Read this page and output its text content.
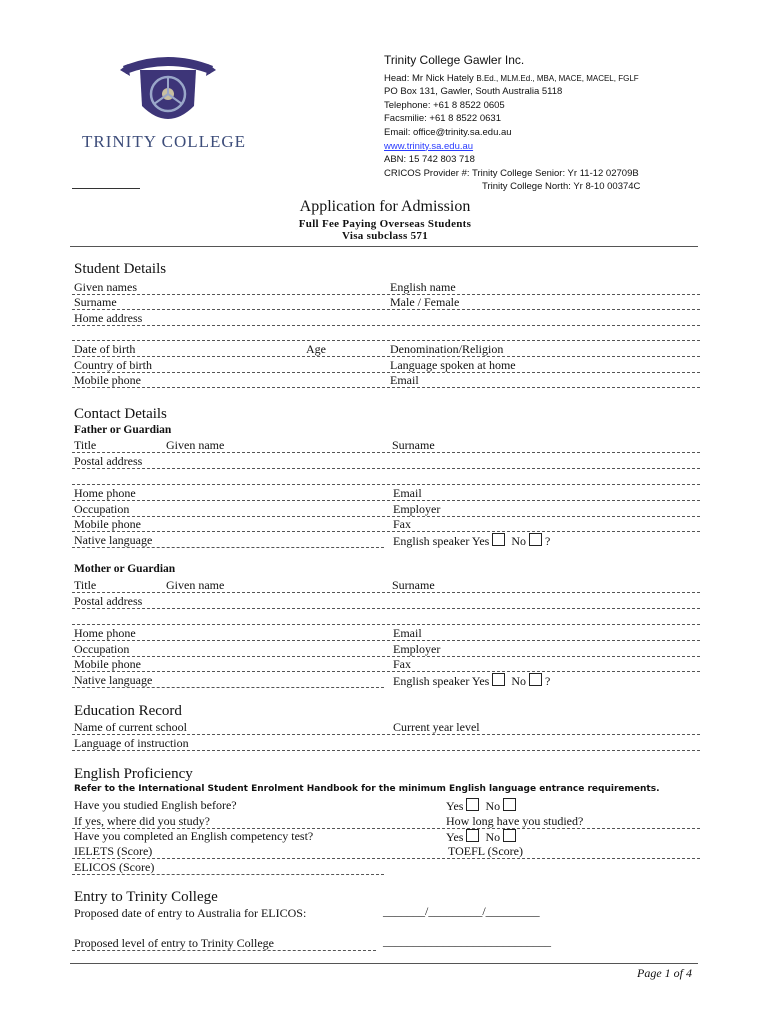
TRINITY COLLEGE
Trinity College Gawler Inc.
Head: Mr Nick Hately B.Ed., MLM.Ed., MBA, MACE, MACEL, FGLF
PO Box 131, Gawler, South Australia 5118
Telephone: +61 8 8522 0605
Facsmilie: +61 8 8522 0631
Email: office@trinity.sa.edu.au
www.trinity.sa.edu.au
ABN: 15 742 803 718
CRICOS Provider #: Trinity College Senior: Yr 11-12 02709B
Trinity College North: Yr 8-10 00374C
Application for Admission
Full Fee Paying Overseas Students
Visa subclass 571
Student Details
Given names	English name
Surname	Male / Female
Home address
Date of birth	Age	Denomination/Religion
Country of birth	Language spoken at home
Mobile phone	Email
Contact Details
Father or Guardian
Title	Given name	Surname
Postal address
Home phone	Email
Occupation	Employer
Mobile phone	Fax
Native language	English speaker Yes No ?
Mother or Guardian
Title	Given name	Surname
Postal address
Home phone	Email
Occupation	Employer
Mobile phone	Fax
Native language	English speaker Yes No ?
Education Record
Name of current school	Current year level
Language of instruction
English Proficiency
Refer to the International Student Enrolment Handbook for the minimum English language entrance requirements.
Have you studied English before?	Yes No
If yes, where did you study?	How long have you studied?
Have you completed an English competency test?	Yes No
IELETS (Score)	TOEFL (Score)
ELICOS (Score)
Entry to Trinity College
Proposed date of entry to Australia for ELICOS:	_______/_________/_________
Proposed level of entry to Trinity College	____________________________
Page 1 of 4
